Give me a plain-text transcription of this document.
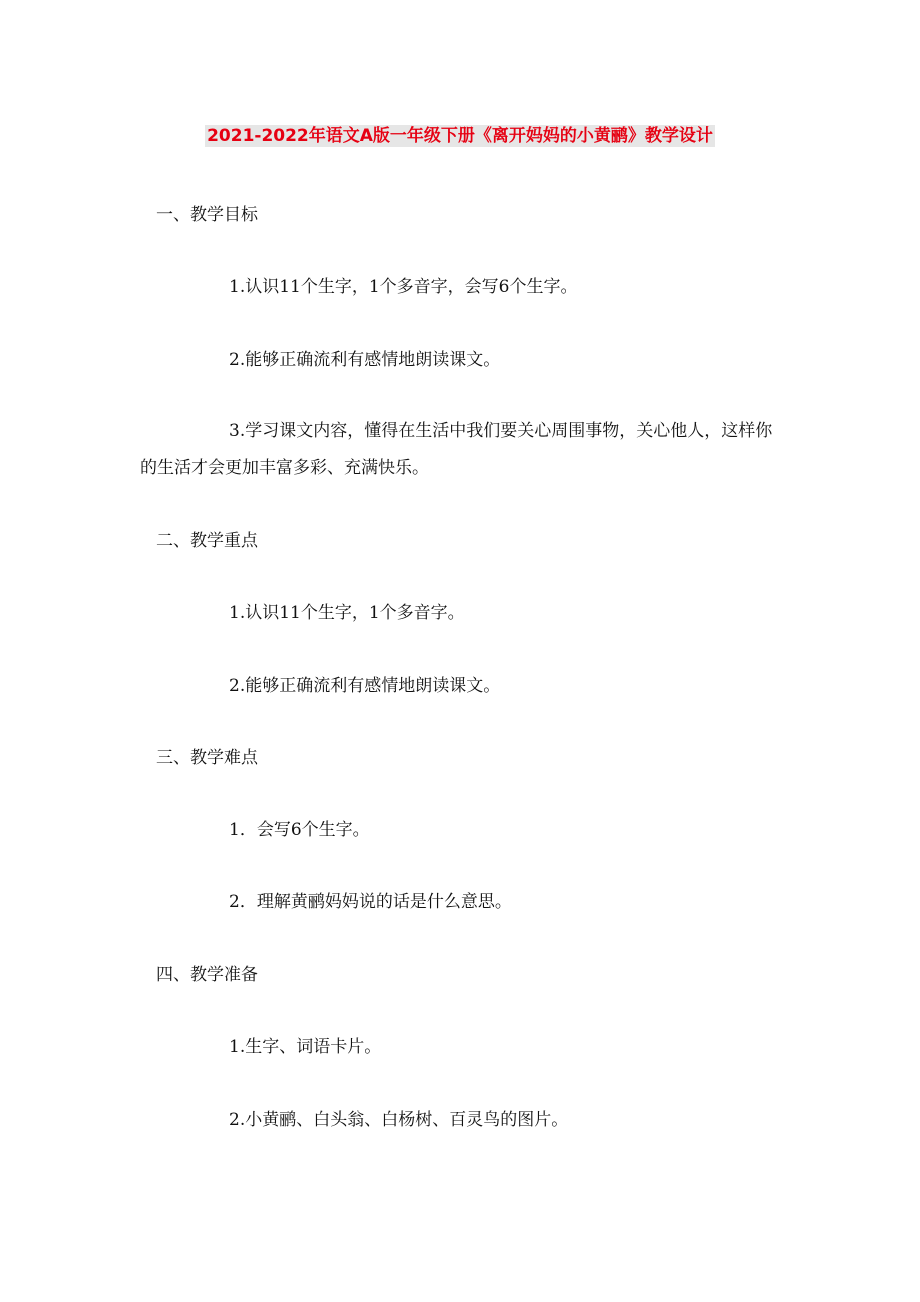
2021-2022年语文A版一年级下册《离开妈妈的小黄鹂》教学设计
一、教学目标
1.认识11个生字，1个多音字，会写6个生字。
2.能够正确流利有感情地朗读课文。
3.学习课文内容，懂得在生活中我们要关心周围事物，关心他人，这样你的生活才会更加丰富多彩、充满快乐。
二、教学重点
1.认识11个生字，1个多音字。
2.能够正确流利有感情地朗读课文。
三、教学难点
1．会写6个生字。
2．理解黄鹂妈妈说的话是什么意思。
四、教学准备
1.生字、词语卡片。
2.小黄鹂、白头翁、白杨树、百灵鸟的图片。
